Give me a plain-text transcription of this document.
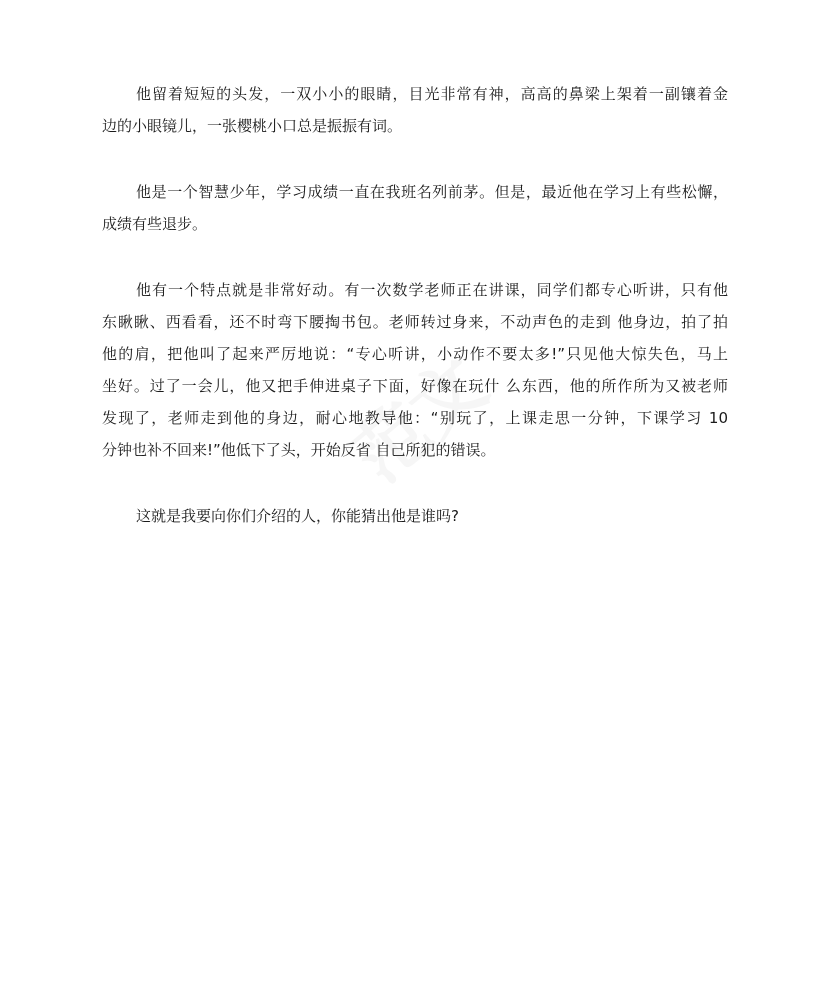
他留着短短的头发，一双小小的眼睛，目光非常有神，高高的鼻梁上架着一副镶着金
边的小眼镜儿，一张樱桃小口总是振振有词。

他是一个智慧少年，学习成绩一直在我班名列前茅。但是，最近他在学习上有些松懈，
成绩有些退步。

他有一个特点就是非常好动。有一次数学老师正在讲课，同学们都专心听讲，只有他
东瞅瞅、西看看，还不时弯下腰掏书包。老师转过身来，不动声色的走到 他身边，拍了拍
他的肩，把他叫了起来严厉地说：“专心听讲，小动作不要太多!”只见他大惊失色，马上
坐好。过了一会儿，他又把手伸进桌子下面，好像在玩什 么东西，他的所作所为又被老师
发现了，老师走到他的身边，耐心地教导他：“别玩了，上课走思一分钟，下课学习 10
分钟也补不回来!”他低下了头，开始反省 自己所犯的错误。

这就是我要向你们介绍的人，你能猜出他是谁吗?
